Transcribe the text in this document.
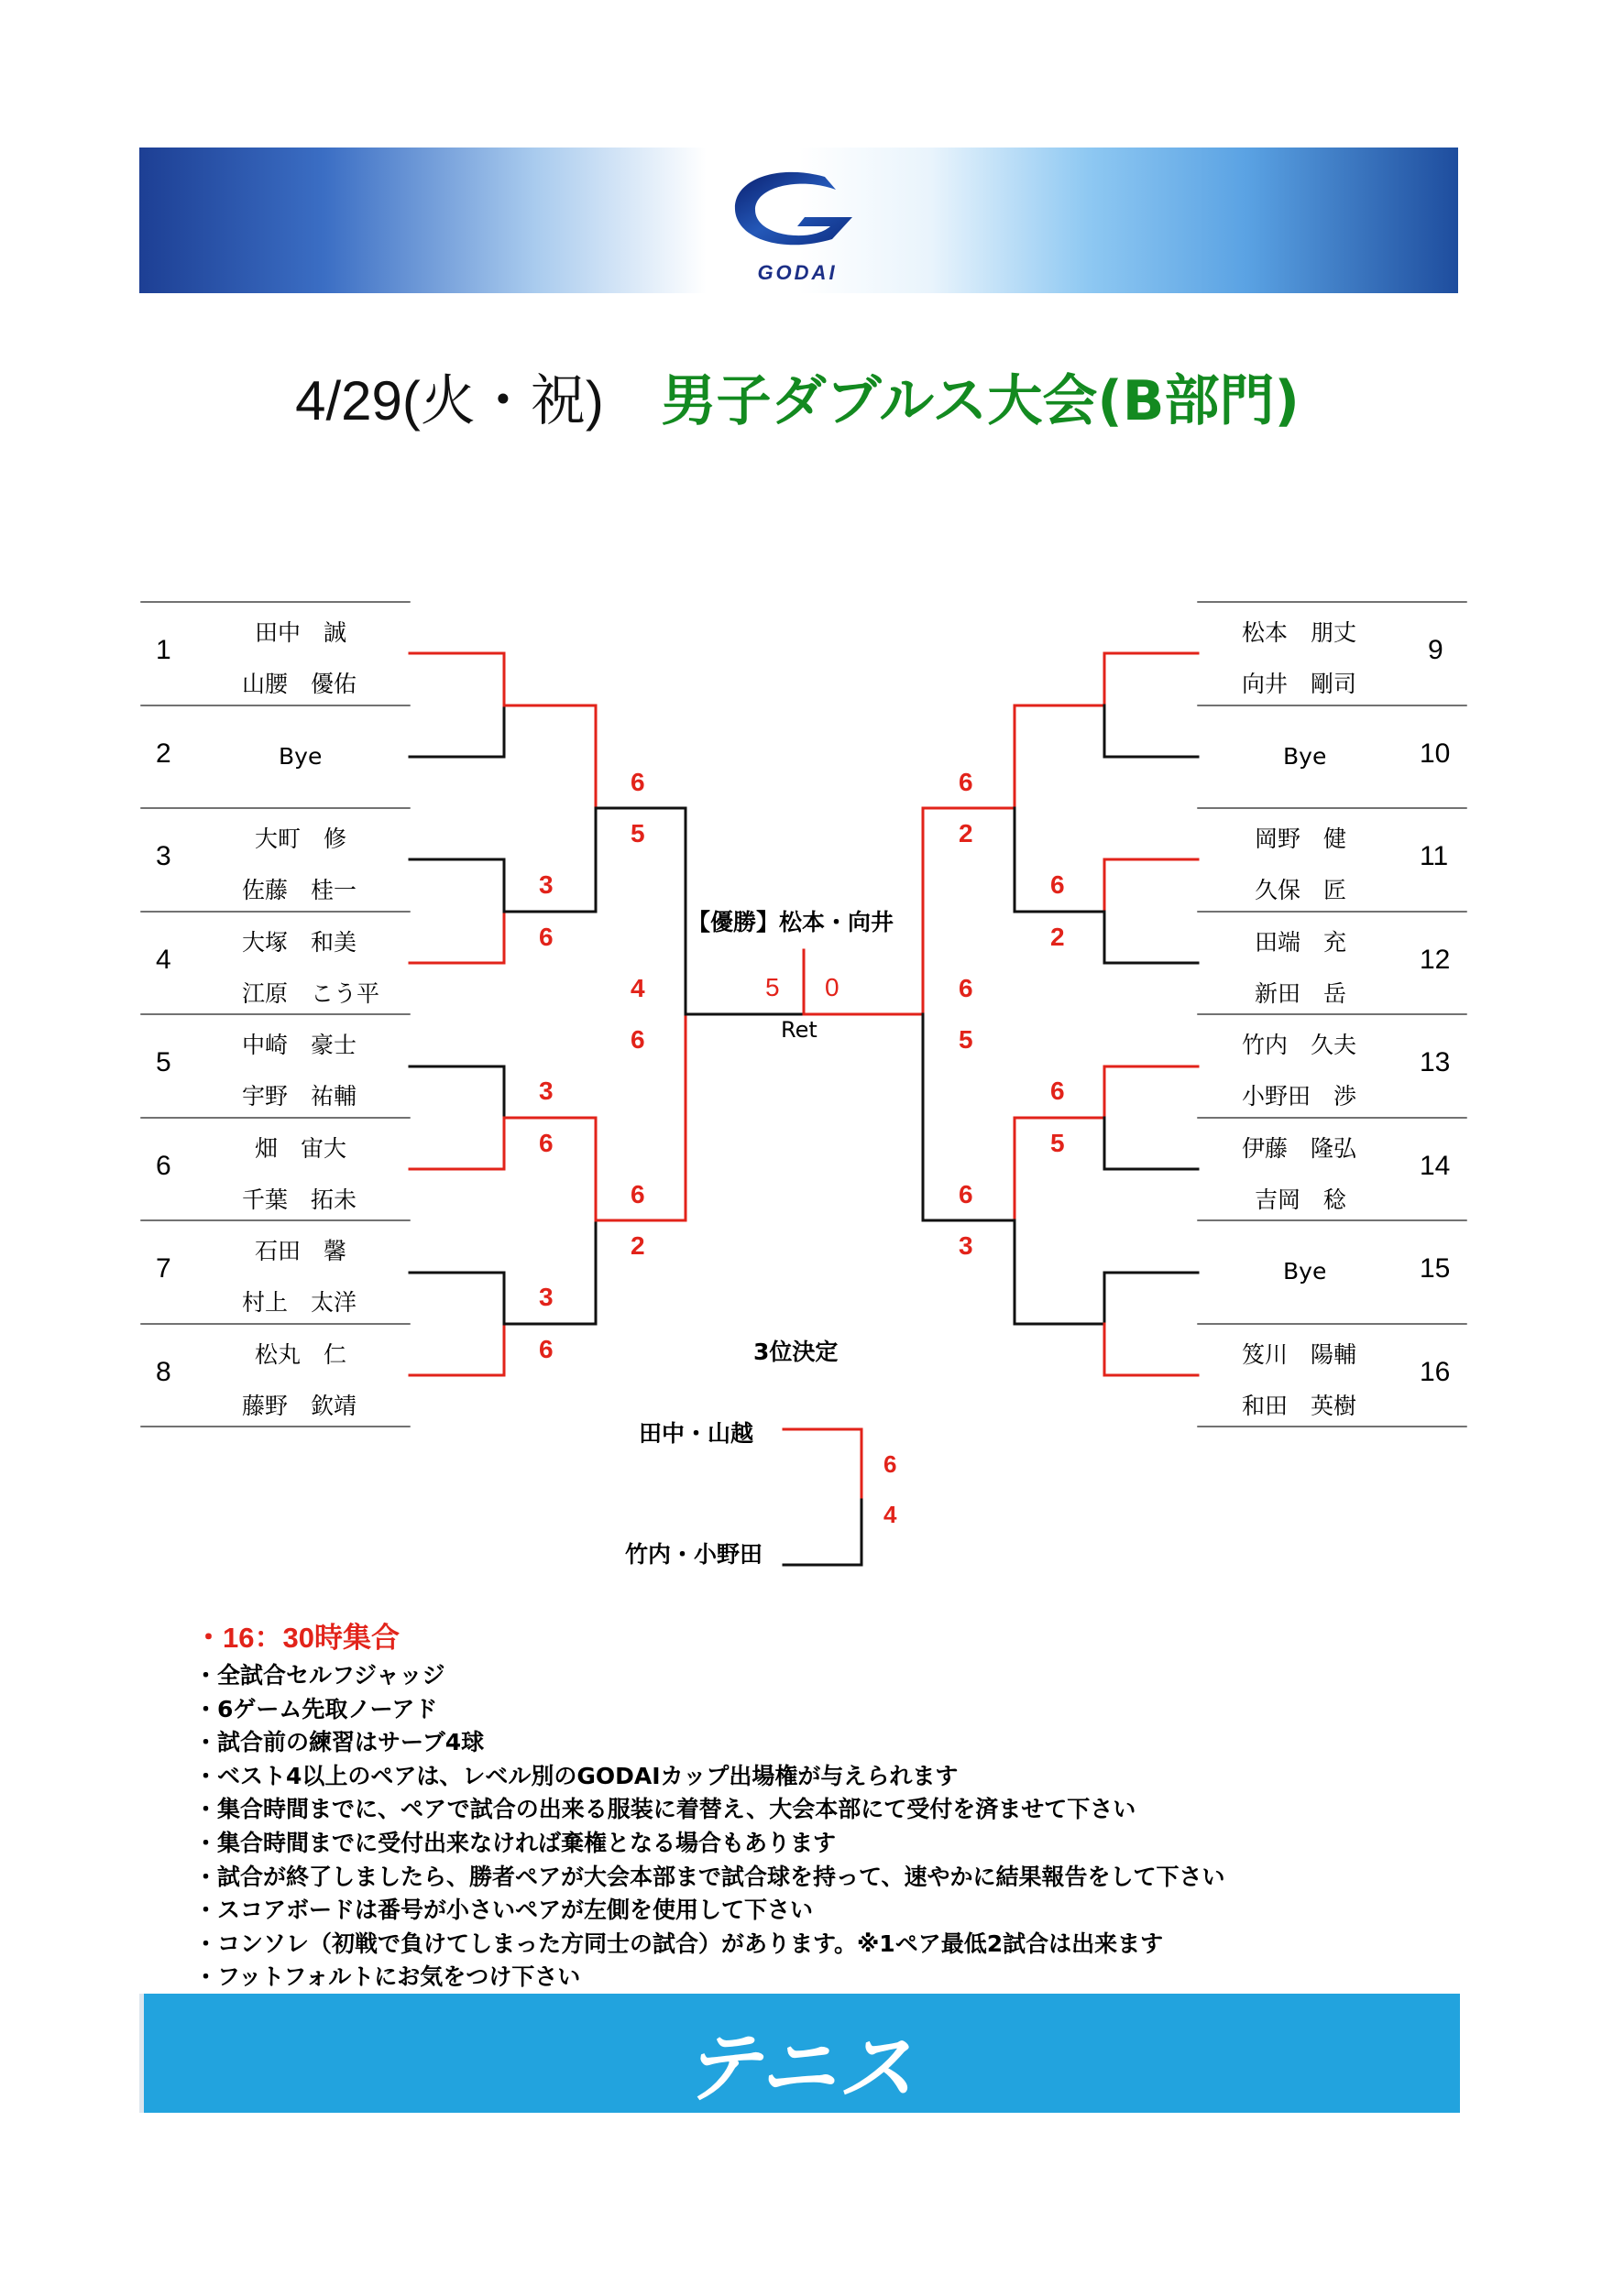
GODAI
4/29(火・祝) 男子ダブルス大会(B部門)
1
田中　誠
山腰　優佑
2	Bye
3
大町　修
佐藤　桂一
4
大塚　和美
江原　こう平
5
中崎　豪士
宇野　祐輔
6
畑　宙大
千葉　拓未
7
石田　馨
村上　太洋
8
松丸　仁
藤野　欽靖
9
松本　朋丈
向井　剛司
10
Bye
11
岡野　健
久保　匠
12
田端　充
新田　岳
13
竹内　久夫
小野田　渉
14
伊藤　隆弘
吉岡　稔
15
Bye
16
笈川　陽輔
和田　英樹
3
6
3
6
3
6
6
5
6
2
4
6
6
2
6
3
6
5
6
2
6
5
5 0
【優勝】松本・向井
Ret
3位決定
田中・山越
竹内・小野田
6
4
・16：30時集合
・全試合セルフジャッジ
・6ゲーム先取ノーアド
・試合前の練習はサーブ4球
・ベスト4以上のペアは、レベル別のGODAIカップ出場権が与えられます
・集合時間までに、ペアで試合の出来る服装に着替え、大会本部にて受付を済ませて下さい
・集合時間までに受付出来なければ棄権となる場合もあります
・試合が終了しましたら、勝者ペアが大会本部まで試合球を持って、速やかに結果報告をして下さい
・スコアボードは番号が小さいペアが左側を使用して下さい
・コンソレ（初戦で負けてしまった方同士の試合）があります。※1ペア最低2試合は出来ます
・フットフォルトにお気をつけ下さい
テニス
